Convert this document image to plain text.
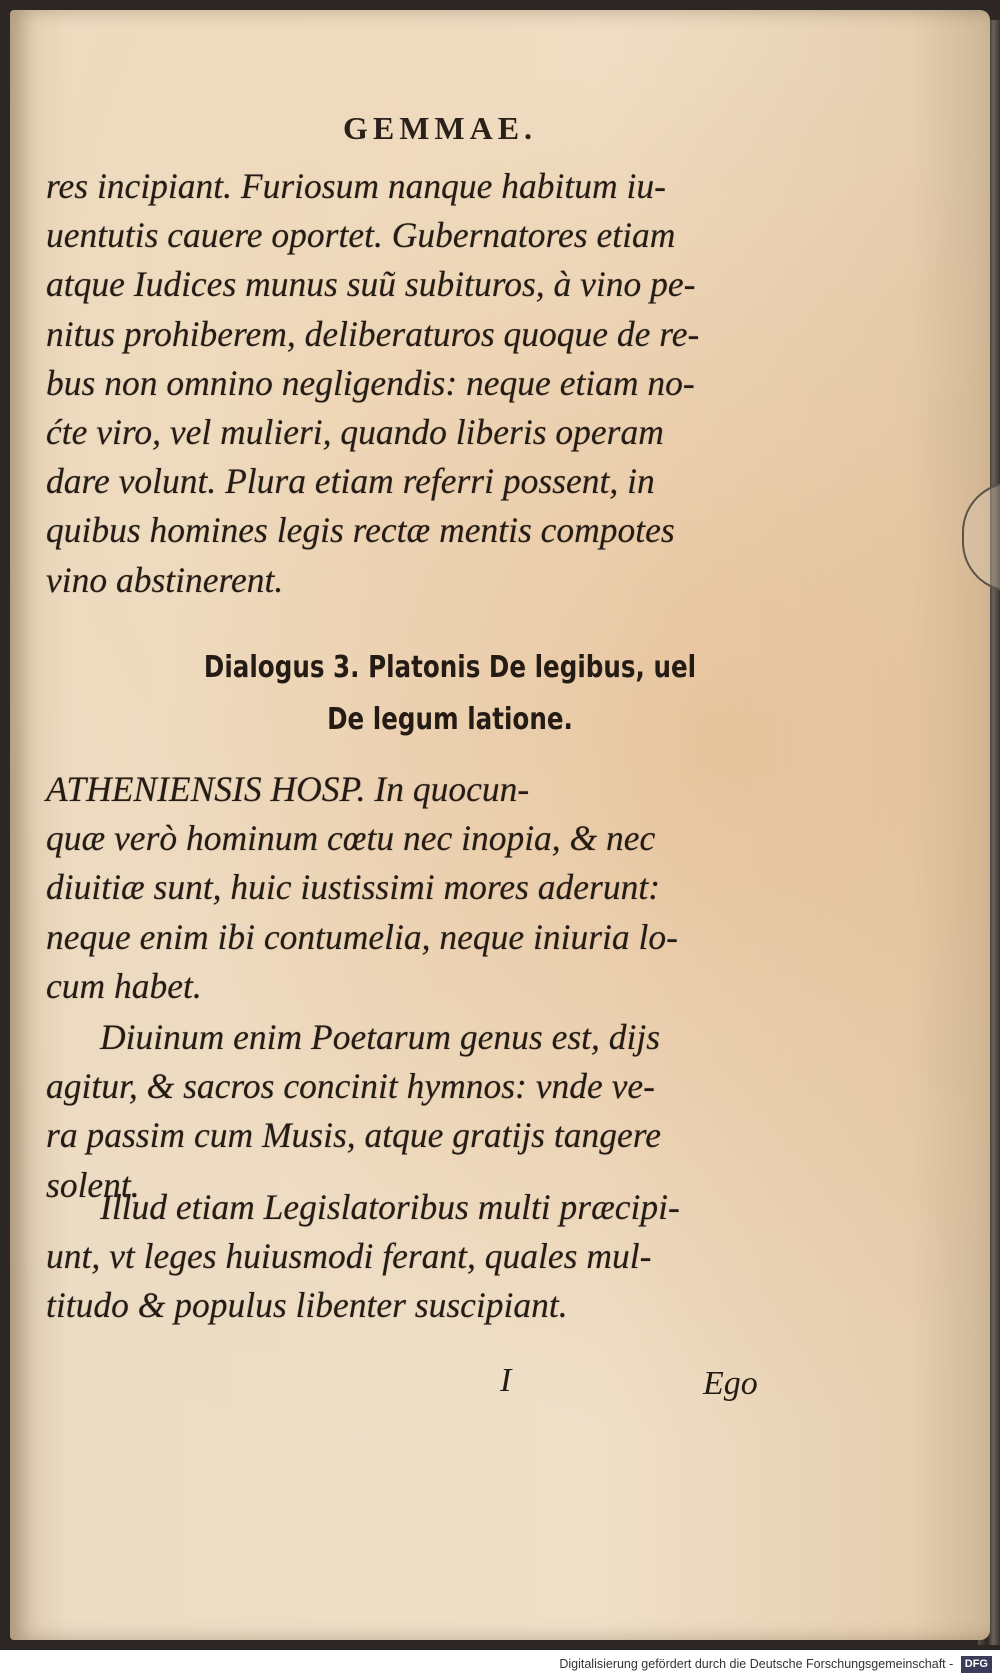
GEMMAE.
res incipiant. Furiosum nanque habitum iu-
uentutis cauere oportet. Gubernatores etiam
atque Iudices munus suũ subituros, à vino pe-
nitus prohiberem, deliberaturos quoque de re-
bus non omnino negligendis: neque etiam no-
ćte viro, vel mulieri, quando liberis operam
dare volunt. Plura etiam referri possent, in
quibus homines legis rectæ mentis compotes
vino abstinerent.
Dialogus 3. Platonis De legibus, uel
De legum latione.
ATHENIENSIS HOSP. In quocun-
quæ verò hominum cœtu nec inopia, & nec
diuitiæ sunt, huic iustissimi mores aderunt:
neque enim ibi contumelia, neque iniuria lo-
cum habet.
Diuinum enim Poetarum genus est, dijs
agitur, & sacros concinit hymnos: vnde ve-
ra passim cum Musis, atque gratijs tangere
solent.
Illud etiam Legislatoribus multi præcipi-
unt, vt leges huiusmodi ferant, quales mul-
titudo & populus libenter suscipiant.
I	Ego
Digitalisierung gefördert durch die Deutsche Forschungsgemeinschaft - DFG
